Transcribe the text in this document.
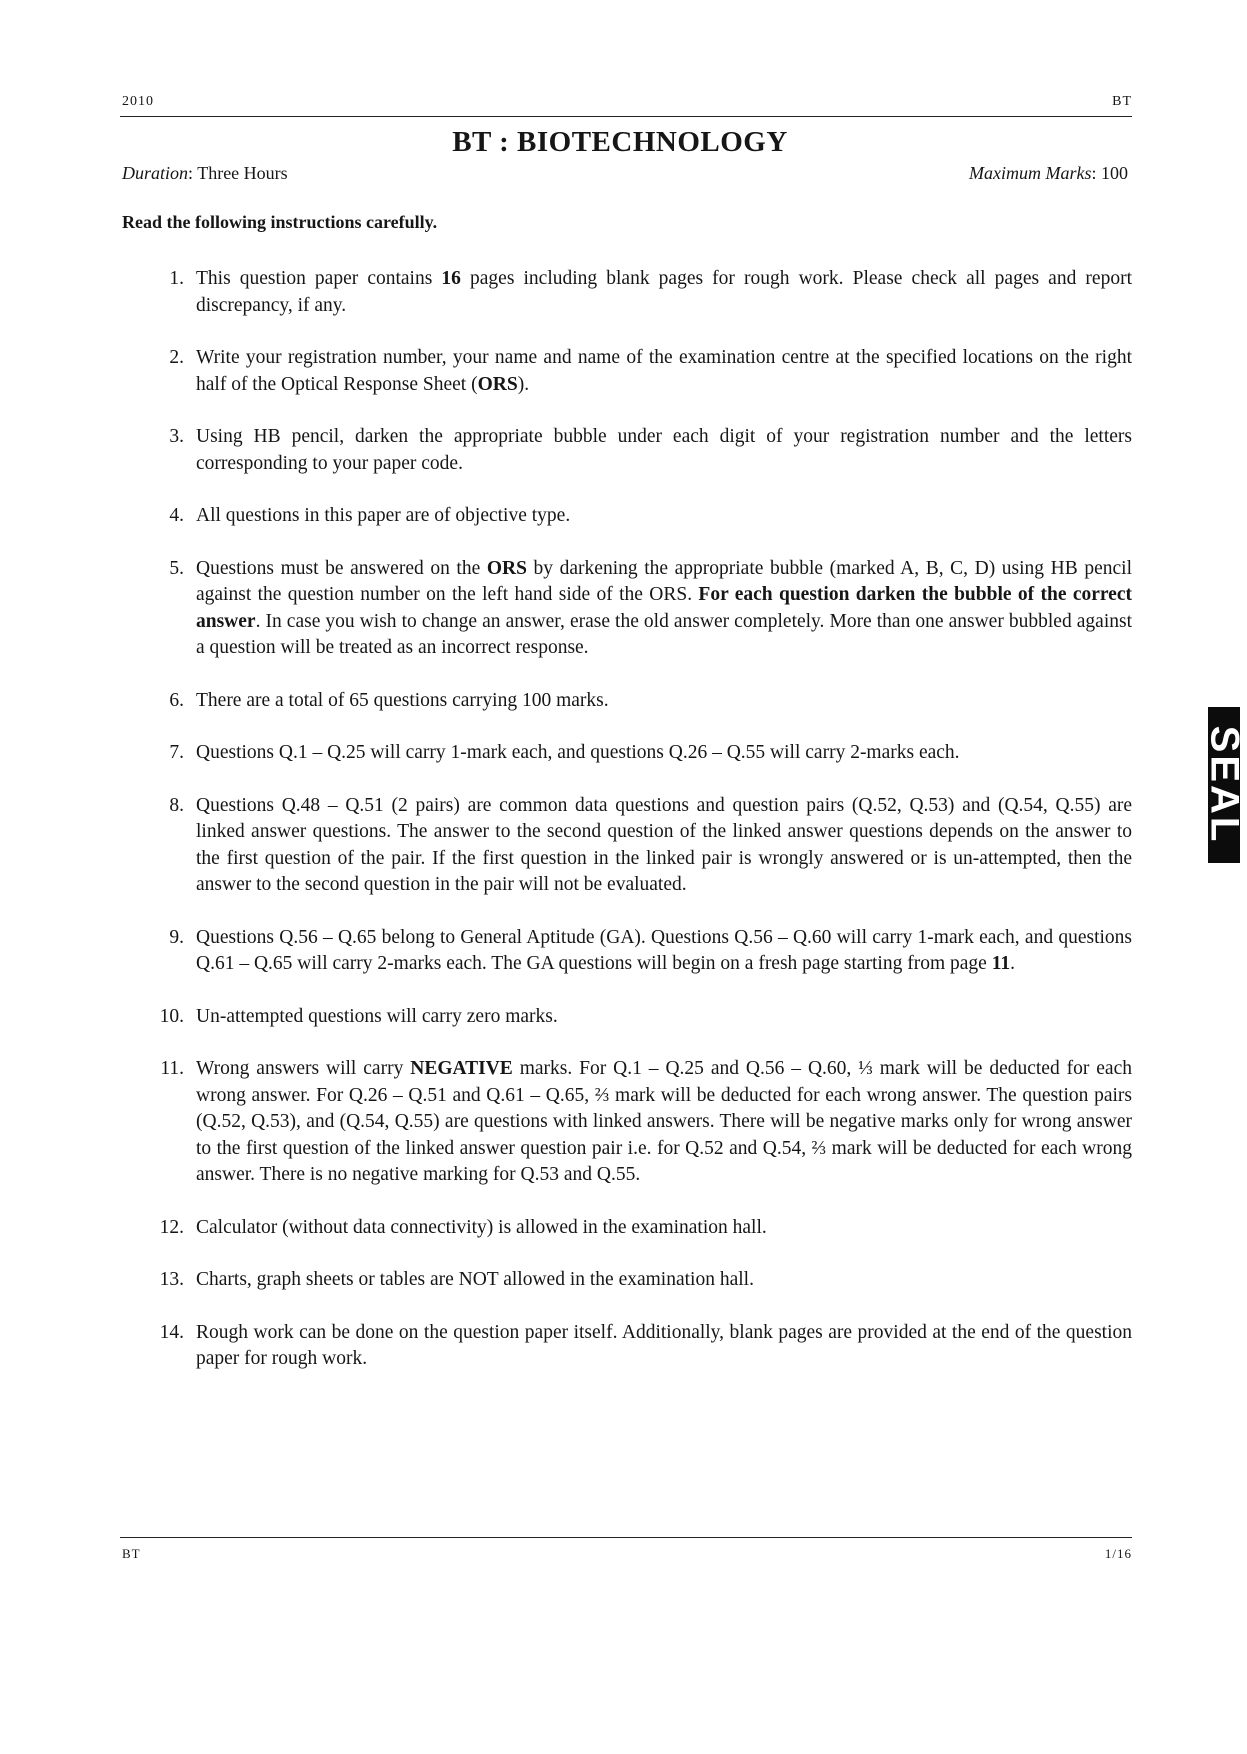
2010	BT
BT : BIOTECHNOLOGY
Duration: Three Hours	Maximum Marks: 100
Read the following instructions carefully.
1. This question paper contains 16 pages including blank pages for rough work. Please check all pages and report discrepancy, if any.
2. Write your registration number, your name and name of the examination centre at the specified locations on the right half of the Optical Response Sheet (ORS).
3. Using HB pencil, darken the appropriate bubble under each digit of your registration number and the letters corresponding to your paper code.
4. All questions in this paper are of objective type.
5. Questions must be answered on the ORS by darkening the appropriate bubble (marked A, B, C, D) using HB pencil against the question number on the left hand side of the ORS. For each question darken the bubble of the correct answer. In case you wish to change an answer, erase the old answer completely. More than one answer bubbled against a question will be treated as an incorrect response.
6. There are a total of 65 questions carrying 100 marks.
7. Questions Q.1 – Q.25 will carry 1-mark each, and questions Q.26 – Q.55 will carry 2-marks each.
8. Questions Q.48 – Q.51 (2 pairs) are common data questions and question pairs (Q.52, Q.53) and (Q.54, Q.55) are linked answer questions. The answer to the second question of the linked answer questions depends on the answer to the first question of the pair. If the first question in the linked pair is wrongly answered or is un-attempted, then the answer to the second question in the pair will not be evaluated.
9. Questions Q.56 – Q.65 belong to General Aptitude (GA). Questions Q.56 – Q.60 will carry 1-mark each, and questions Q.61 – Q.65 will carry 2-marks each. The GA questions will begin on a fresh page starting from page 11.
10. Un-attempted questions will carry zero marks.
11. Wrong answers will carry NEGATIVE marks. For Q.1 – Q.25 and Q.56 – Q.60, ⅓ mark will be deducted for each wrong answer. For Q.26 – Q.51 and Q.61 – Q.65, ⅔ mark will be deducted for each wrong answer. The question pairs (Q.52, Q.53), and (Q.54, Q.55) are questions with linked answers. There will be negative marks only for wrong answer to the first question of the linked answer question pair i.e. for Q.52 and Q.54, ⅔ mark will be deducted for each wrong answer. There is no negative marking for Q.53 and Q.55.
12. Calculator (without data connectivity) is allowed in the examination hall.
13. Charts, graph sheets or tables are NOT allowed in the examination hall.
14. Rough work can be done on the question paper itself. Additionally, blank pages are provided at the end of the question paper for rough work.
SEAL
BT	1/16
